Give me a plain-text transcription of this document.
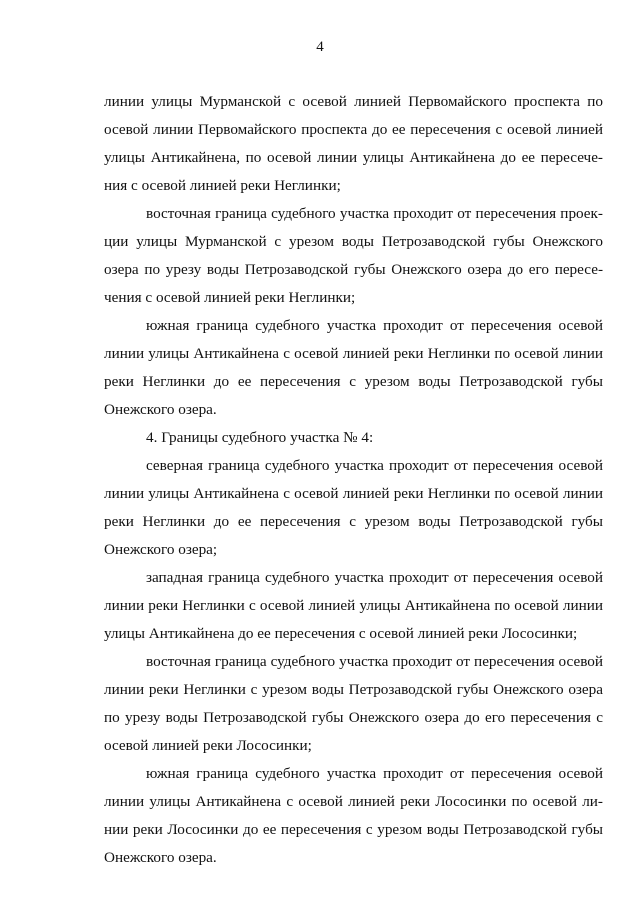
4
линии улицы Мурманской с осевой линией Первомайского проспекта по
осевой линии Первомайского проспекта до ее пересечения с осевой линией
улицы Антикайнена, по осевой линии улицы Антикайнена до ее пересече-
ния с осевой линией реки Неглинки;
восточная граница судебного участка проходит от пересечения проек-
ции улицы Мурманской с урезом воды Петрозаводской губы Онежского
озера по урезу воды Петрозаводской губы Онежского озера до его пересе-
чения с осевой линией реки Неглинки;
южная граница судебного участка проходит от пересечения осевой
линии улицы Антикайнена с осевой линией реки Неглинки по осевой линии
реки Неглинки до ее пересечения с урезом воды Петрозаводской губы
Онежского озера.
4. Границы судебного участка № 4:
северная граница судебного участка проходит от пересечения осевой
линии улицы Антикайнена с осевой линией реки Неглинки по осевой линии
реки Неглинки до ее пересечения с урезом воды Петрозаводской губы
Онежского озера;
западная граница судебного участка проходит от пересечения осевой
линии реки Неглинки с осевой линией улицы Антикайнена по осевой линии
улицы Антикайнена до ее пересечения с осевой линией реки Лососинки;
восточная граница судебного участка проходит от пересечения осевой
линии реки Неглинки с урезом воды Петрозаводской губы Онежского озера
по урезу воды Петрозаводской губы Онежского озера до его пересечения с
осевой линией реки Лососинки;
южная граница судебного участка проходит от пересечения осевой
линии улицы Антикайнена с осевой линией реки Лососинки по осевой ли-
нии реки Лососинки до ее пересечения с урезом воды Петрозаводской губы
Онежского озера.
